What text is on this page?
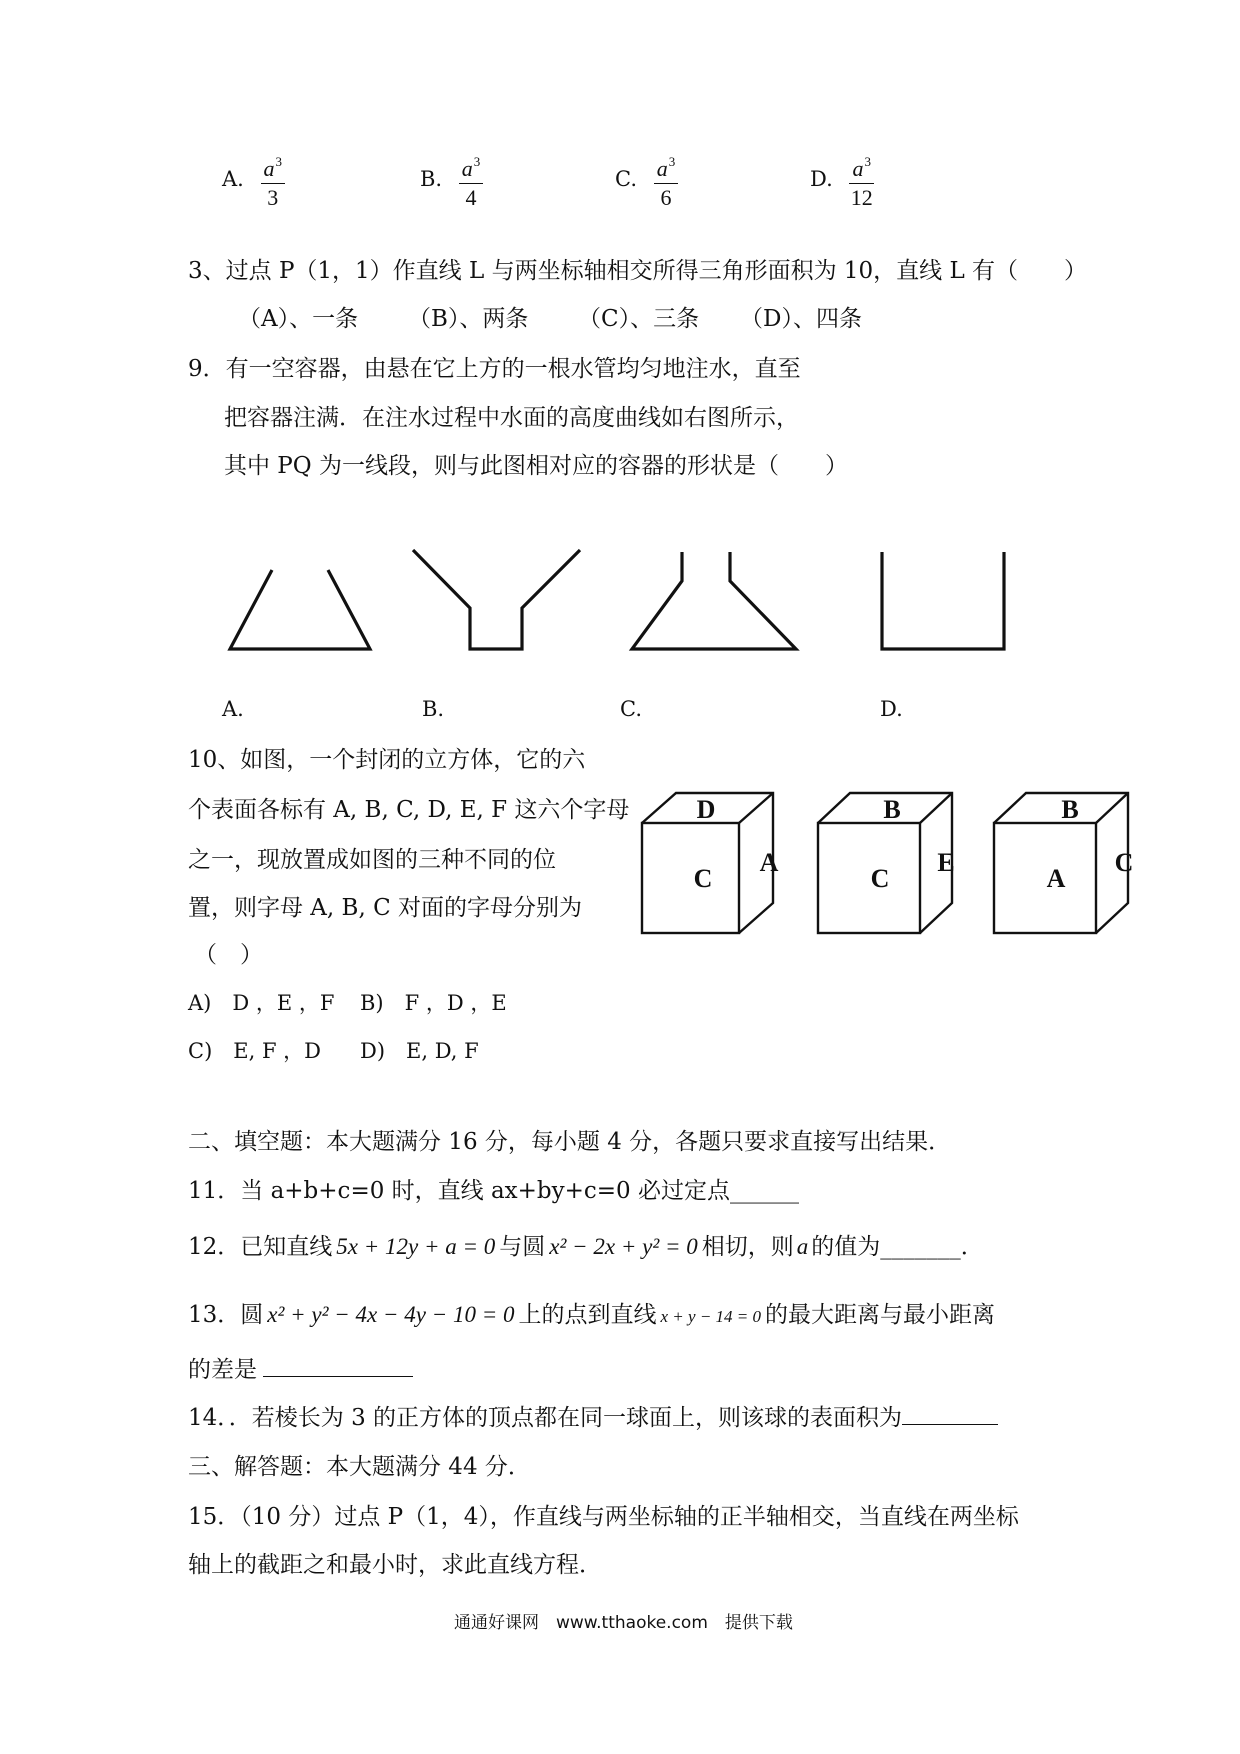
A. $\frac{a^3}{3}$	B. $\frac{a^3}{4}$	C. $\frac{a^3}{6}$	D. $\frac{a^3}{12}$
3、过点 P（1，1）作直线 L 与两坐标轴相交所得三角形面积为 10，直线 L 有（　　）
（A）、一条 （B）、两条 （C）、三条 （D）、四条
9．有一空容器，由悬在它上方的一根水管均匀地注水，直至
把容器注满．在注水过程中水面的高度曲线如右图所示，
其中 PQ 为一线段，则与此图相对应的容器的形状是（　　）
A.	B.	C.	D.
10、如图，一个封闭的立方体，它的六
个表面各标有 A, B, C, D, E, F 这六个字母
之一，现放置成如图的三种不同的位
置，则字母 A, B, C 对面的字母分别为
（　）
D
C
A
B
C
E
B
A
C
A)　D ，E ，F B)　F ，D ，E
C)　E, F ，D D)　E, D, F
二、填空题：本大题满分 16 分，每小题 4 分，各题只要求直接写出结果．
11．当 a+b+c=0 时，直线 ax+by+c=0 必过定点______
12．已知直线 5x + 12y + a = 0 与圆 x² − 2x + y² = 0 相切，则 a 的值为_______．
13．圆 x² + y² − 4x − 4y − 10 = 0 上的点到直线 x + y − 14 = 0 的最大距离与最小距离
的差是
14．．若棱长为 3 的正方体的顶点都在同一球面上，则该球的表面积为
三、解答题：本大题满分 44 分．
15．（10 分）过点 P（1，4），作直线与两坐标轴的正半轴相交，当直线在两坐标
轴上的截距之和最小时，求此直线方程．
通通好课网　www.tthaoke.com　提供下载
